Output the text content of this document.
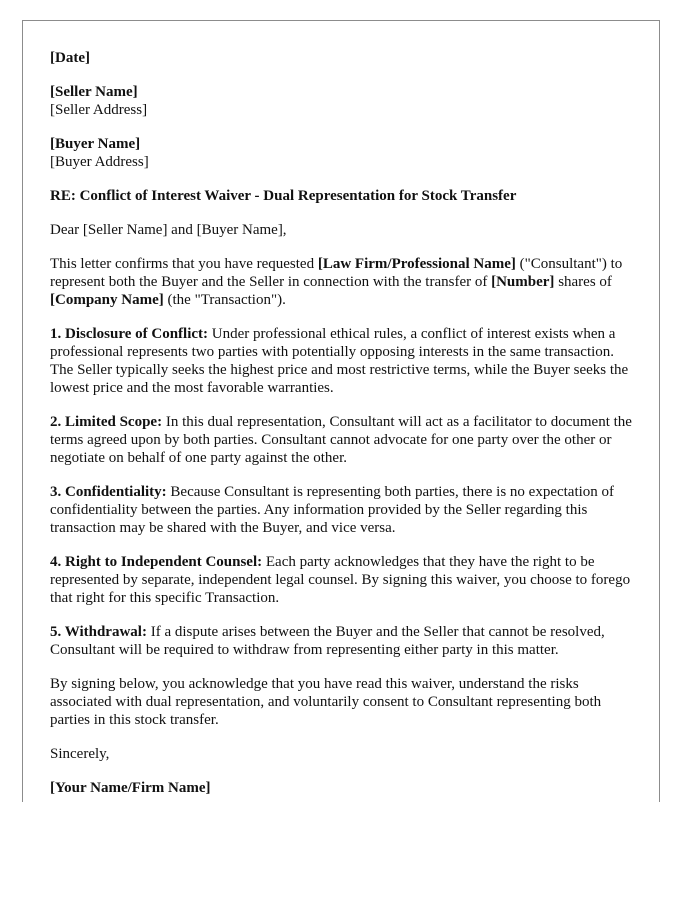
[Date]
[Seller Name]
[Seller Address]
[Buyer Name]
[Buyer Address]

RE: Conflict of Interest Waiver - Dual Representation for Stock Transfer

Dear [Seller Name] and [Buyer Name],

This letter confirms that you have requested [Law Firm/Professional Name] ("Consultant") to represent both the Buyer and the Seller in connection with the transfer of [Number] shares of [Company Name] (the "Transaction").

1. Disclosure of Conflict: Under professional ethical rules, a conflict of interest exists when a professional represents two parties with potentially opposing interests in the same transaction. The Seller typically seeks the highest price and most restrictive terms, while the Buyer seeks the lowest price and the most favorable warranties.

2. Limited Scope: In this dual representation, Consultant will act as a facilitator to document the terms agreed upon by both parties. Consultant cannot advocate for one party over the other or negotiate on behalf of one party against the other.

3. Confidentiality: Because Consultant is representing both parties, there is no expectation of confidentiality between the parties. Any information provided by the Seller regarding this transaction may be shared with the Buyer, and vice versa.

4. Right to Independent Counsel: Each party acknowledges that they have the right to be represented by separate, independent legal counsel. By signing this waiver, you choose to forego that right for this specific Transaction.

5. Withdrawal: If a dispute arises between the Buyer and the Seller that cannot be resolved, Consultant will be required to withdraw from representing either party in this matter.

By signing below, you acknowledge that you have read this waiver, understand the risks associated with dual representation, and voluntarily consent to Consultant representing both parties in this stock transfer.

Sincerely,

[Your Name/Firm Name]
